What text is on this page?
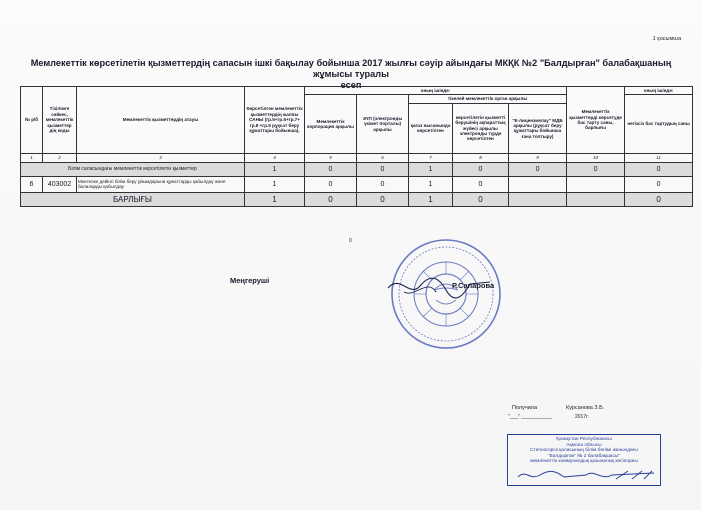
1 қосымша
Мемлекеттік көрсетілетін қызметтердің сапасын ішкі бақылау бойынша 2017 жылғы сәуір айындағы МКҚК №2 "Балдырған" балабақшаның жұмысы туралы
есеп
№ р/б	Тізілімге сәйкес, мемлекеттік қызметтер дің коды	Мемлекеттік қызметтердің атауы	Көрсетілген мемлекеттік қызметтердің жалпы САНЫ (гр.5+гр.6+гр.7+ гр.8 +гр.9 рұқсат беру құжаттары бойынша),	оның ішінде:					Мемлекеттік қызметтерді көрсетуде бас тарту саны, барлығы	оның ішінде:
				Мемлекеттік корпорация арқылы	ЭҮП (электронды үкімет порталы) арқылы	тікелей мемлекеттік орган арқылы				негізсіз бас тартудың саны
						қағаз нысанында көрсетілген	көрсетілетін қызметті берушінің ақпараттық жүйесі арқылы электронды түрде көрсетілген	"Е-лицензиялау" МДБ арқылы (рұқсат беру құжаттары бойынша ғана толтыру)		
1	2	3	4	5	6	7	8	9	10	11
Білім саласындағы мемлекеттік көрсетілетін қызметтер			1	0	0	1	0	0	0	0
6	403002	Мектепке дейінгі білім беру ұйымдарына құжаттарды қабылдау және балаларды қабылдау	1	0	0	1	0			0
БАРЛЫҒЫ			1	0	0	1	0			0
0
Меңгеруші
Р.Сапарова
Получила
"___" ___________
Курсанова З.Б.
2017г.
Қазақстан Республикасы
Ақмола облысы
Степногорск қаласының білім бөлімі жанындағы
"Балдырған" № 2 балабақшасы"
мемлекеттік коммуналдық қазыналық кәсіпорны
